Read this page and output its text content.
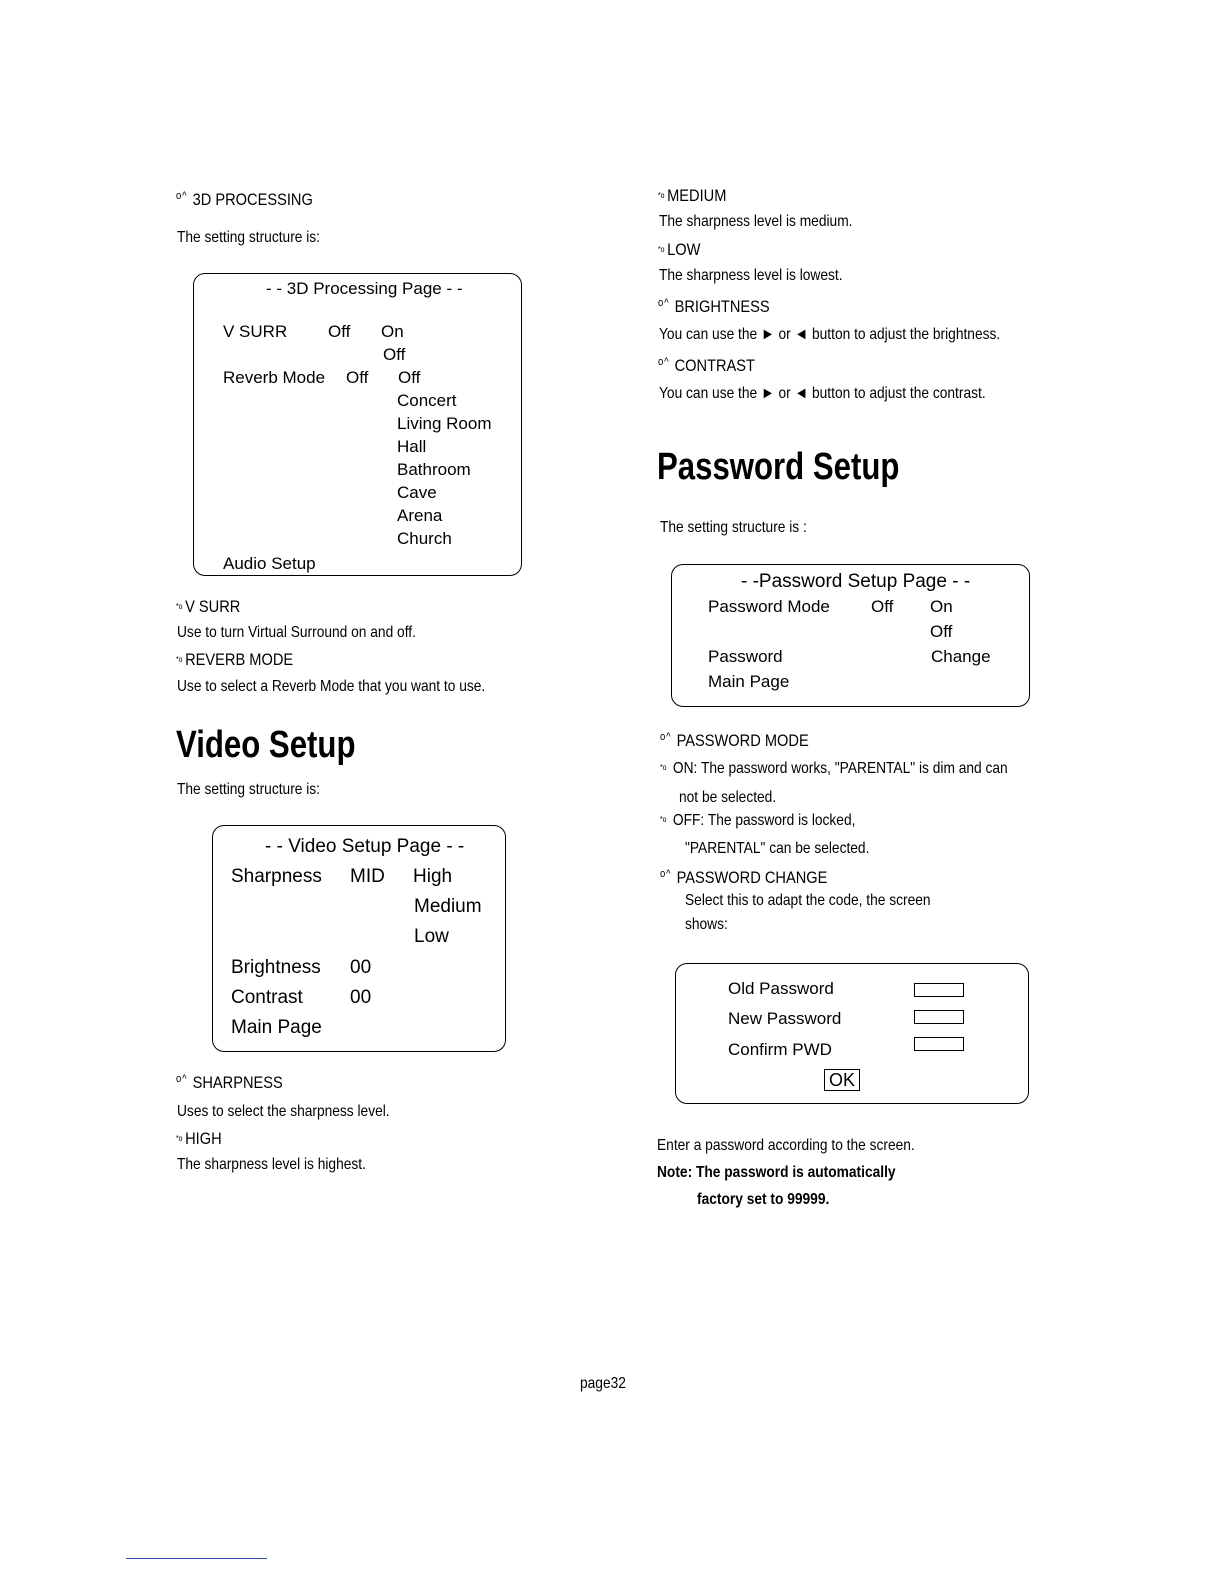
$^{o\^{}}$ 3D PROCESSING
The setting structure is:
- - 3D Processing Page - -
V SURR Off On
Off
Reverb Mode Off Off
Concert
Living Room
Hall
Bathroom
Cave
Arena
Church
Audio Setup
*o V SURR
Use to turn Virtual Surround on and off.
*o REVERB MODE
Use to select a Reverb Mode that you want to use.
Video Setup
The setting structure is:
- - Video Setup Page - -
Sharpness MID High
Medium
Low
Brightness 00
Contrast 00
Main Page
$^{o\^{}}$ SHARPNESS
Uses to select the sharpness level.
*o HIGH
The sharpness level is highest.
*o MEDIUM
The sharpness level is medium.
*o LOW
The sharpness level is lowest.
$^{o\^{}}$ BRIGHTNESS
You can use the ► or ◄ button to adjust the brightness.
$^{o\^{}}$ CONTRAST
You can use the ► or ◄ button to adjust the contrast.
Password Setup
The setting structure is :
- -Password Setup Page - -
Password Mode Off On
Off
Password	Change
Main Page
$^{o\^{}}$ PASSWORD MODE
*o ON: The password works, "PARENTAL" is dim and can
not be selected.
*o OFF: The password is locked,
"PARENTAL" can be selected.
$^{o\^{}}$ PASSWORD CHANGE
Select this to adapt the code, the screen
shows:
Old Password
New Password
Confirm PWD
OK
Enter a password according to the screen.
Note: The password is automatically
factory set to 99999.
page32
